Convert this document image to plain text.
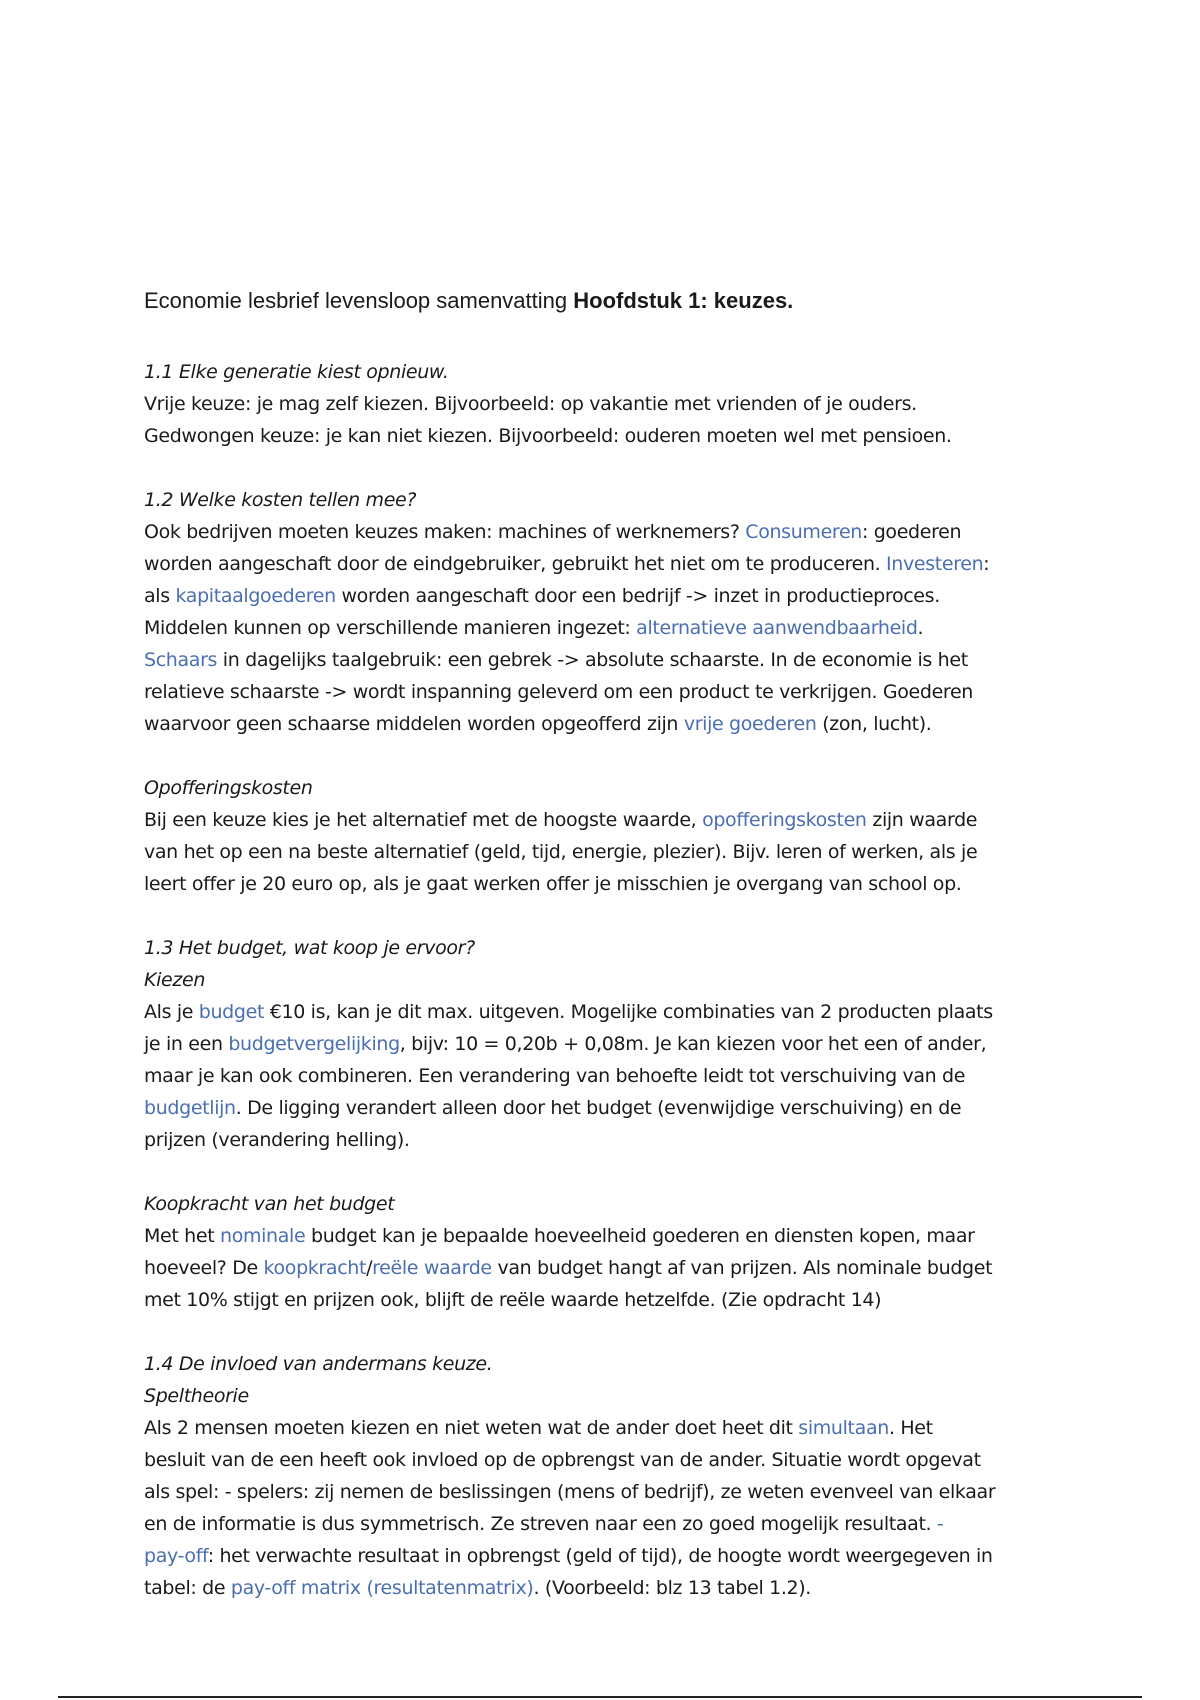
Economie lesbrief levensloop samenvatting Hoofdstuk 1: keuzes.
1.1 Elke generatie kiest opnieuw.
Vrije keuze: je mag zelf kiezen. Bijvoorbeeld: op vakantie met vrienden of je ouders.
Gedwongen keuze: je kan niet kiezen. Bijvoorbeeld: ouderen moeten wel met pensioen.
1.2 Welke kosten tellen mee?
Ook bedrijven moeten keuzes maken: machines of werknemers? Consumeren: goederen
worden aangeschaft door de eindgebruiker, gebruikt het niet om te produceren. Investeren:
als kapitaalgoederen worden aangeschaft door een bedrijf -> inzet in productieproces.
Middelen kunnen op verschillende manieren ingezet: alternatieve aanwendbaarheid.
Schaars in dagelijks taalgebruik: een gebrek -> absolute schaarste. In de economie is het
relatieve schaarste -> wordt inspanning geleverd om een product te verkrijgen. Goederen
waarvoor geen schaarse middelen worden opgeofferd zijn vrije goederen (zon, lucht).
Opofferingskosten
Bij een keuze kies je het alternatief met de hoogste waarde, opofferingskosten zijn waarde
van het op een na beste alternatief (geld, tijd, energie, plezier). Bijv. leren of werken, als je
leert offer je 20 euro op, als je gaat werken offer je misschien je overgang van school op.
1.3 Het budget, wat koop je ervoor?
Kiezen
Als je budget €10 is, kan je dit max. uitgeven. Mogelijke combinaties van 2 producten plaats
je in een budgetvergelijking, bijv: 10 = 0,20b + 0,08m. Je kan kiezen voor het een of ander,
maar je kan ook combineren. Een verandering van behoefte leidt tot verschuiving van de
budgetlijn. De ligging verandert alleen door het budget (evenwijdige verschuiving) en de
prijzen (verandering helling).
Koopkracht van het budget
Met het nominale budget kan je bepaalde hoeveelheid goederen en diensten kopen, maar
hoeveel? De koopkracht/reële waarde van budget hangt af van prijzen. Als nominale budget
met 10% stijgt en prijzen ook, blijft de reële waarde hetzelfde. (Zie opdracht 14)
1.4 De invloed van andermans keuze.
Speltheorie
Als 2 mensen moeten kiezen en niet weten wat de ander doet heet dit simultaan. Het
besluit van de een heeft ook invloed op de opbrengst van de ander. Situatie wordt opgevat
als spel: - spelers: zij nemen de beslissingen (mens of bedrijf), ze weten evenveel van elkaar
en de informatie is dus symmetrisch. Ze streven naar een zo goed mogelijk resultaat. -
pay-off: het verwachte resultaat in opbrengst (geld of tijd), de hoogte wordt weergegeven in
tabel: de pay-off matrix (resultatenmatrix). (Voorbeeld: blz 13 tabel 1.2).
